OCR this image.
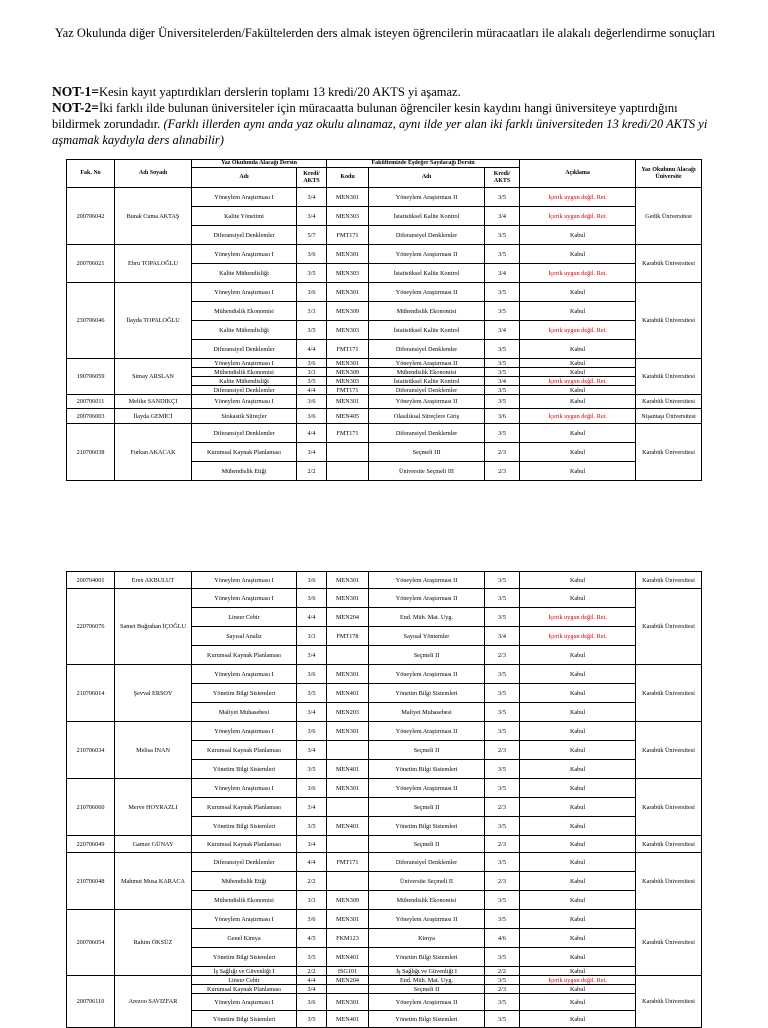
Yaz Okulunda diğer Üniversitelerden/Fakültelerden ders almak isteyen öğrencilerin müracaatları ile alakalı değerlendirme sonuçları
NOT-1=Kesin kayıt yaptırdıkları derslerin toplamı 13 kredi/20 AKTS yi aşamaz.
NOT-2=İki farklı ilde bulunan üniversiteler için müracaatta bulunan öğrenciler kesin kaydını hangi üniversiteye yaptırdığını bildirmek zorundadır. (Farklı illerden aynı anda yaz okulu alınamaz, aynı ilde yer alan iki farklı üniversiteden 13 kredi/20 AKTS yi aşmamak kaydıyla ders alınabilir)
Fak. No	Adı Soyadı	Yaz Okulunda Alacağı Dersin		Fakültemizde Eşdeğer Sayılacağı Dersin			Açıklama	Yaz Okulunu Alacağı Üniversite
		Adı	Kredi/ AKTS	Kodu	Adı	Kredi/ AKTS		
200706042	Burak Cuma AKTAŞ	Yöneylem Araştırması I	3/4	MEN301	Yöneylem Araştırması II	3/5	İçerik uygun değil. Ret.	Gedik Üniversitesi
		Kalite Yönetimi	3/4	MEN303	İstatistiksel Kalite Kontrol	3/4	İçerik uygun değil. Ret.	
		Diferansiyel Denklemler	5/7	FMT171	Diferansiyel Denklemler	3/5	Kabul	
200706021	Ebru TOPALOĞLU	Yöneylem Araştırması I	3/6	MEN301	Yöneylem Araştırması II	3/5	Kabul	Karabük Üniversitesi
		Kalite Mühendisliği	3/5	MEN303	İstatistiksel Kalite Kontrol	3/4	İçerik uygun değil. Ret.	
230706046	İlayda TOPALOĞLU	Yöneylem Araştırması I	3/6	MEN301	Yöneylem Araştırması II	3/5	Kabul	Karabük Üniversitesi
		Mühendislik Ekonomisi	3/3	MEN309	Mühendislik Ekonomisi	3/5	Kabul	
		Kalite Mühendisliği	3/5	MEN303	İstatistiksel Kalite Kontrol	3/4	İçerik uygun değil. Ret.	
		Diferansiyel Denklemler	4/4	FMT171	Diferansiyel Denklemler	3/5	Kabul	
190706059	Simay ARSLAN	Yöneylem Araştırması I	3/6	MEN301	Yöneylem Araştırması II	3/5	Kabul	Karabük Üniversitesi
		Mühendislik Ekonomisi	3/3	MEN309	Mühendislik Ekonomisi	3/5	Kabul	
		Kalite Mühendisliği	3/5	MEN303	İstatistiksel Kalite Kontrol	3/4	İçerik uygun değil. Ret.	
		Diferansiyel Denklemler	4/4	FMT171	Diferansiyel Denklemler	3/5	Kabul	
200706011	Melike SANDIKÇI	Yöneylem Araştırması I	3/6	MEN301	Yöneylem Araştırması II	3/5	Kabul	Karabük Üniversitesi
200706003	İlayda GEMİCİ	Stokastik Süreçler	3/6	MEN405	Olasılıksal Süreçlere Giriş	3/6	İçerik uygun değil. Ret.	Nişantaşı Üniversitesi
210706038	Furkan AKACAK	Diferansiyel Denklemler	4/4	FMT171	Diferansiyel Denklemler	3/5	Kabul	Karabük Üniversitesi
		Kurumsal Kaynak Planlaması	3/4		Seçmeli III	2/3	Kabul	
		Mühendislik Etiği	2/2		Üniversite Seçmeli III	2/3	Kabul	
200704001	Eren AKBULUT	Yöneylem Araştırması I	3/6	MEN301	Yöneylem Araştırması II	3/5	Kabul	Karabük Üniversitesi
220706076	Samet Buğrahan İÇOĞLU	Yöneylem Araştırması I	3/6	MEN301	Yöneylem Araştırması II	3/5	Kabul	Karabük Üniversitesi
		Lineer Cebir	4/4	MEN204	End. Müh. Mat. Uyg.	3/5	İçerik uygun değil. Ret.	
		Sayısal Analiz	3/3	FMT178	Sayısal Yöntemler	3/4	İçerik uygun değil. Ret.	
		Kurumsal Kaynak Planlaması	3/4		Seçmeli II	2/3	Kabul	
210706014	Şevval ERSOY	Yöneylem Araştırması I	3/6	MEN301	Yöneylem Araştırması II	3/5	Kabul	Karabük Üniversitesi
		Yönetim Bilgi Sistemleri	3/5	MEN401	Yönetim Bilgi Sistemleri	3/5	Kabul	
		Maliyet Muhasebesi	3/4	MEN203	Maliyet Muhasebesi	3/5	Kabul	
210706034	Melisa İNAN	Yöneylem Araştırması I	3/6	MEN301	Yöneylem Araştırması II	3/5	Kabul	Karabük Üniversitesi
		Kurumsal Kaynak Planlaması	3/4		Seçmeli II	2/3	Kabul	
		Yönetim Bilgi Sistemleri	3/5	MEN401	Yönetim Bilgi Sistemleri	3/5	Kabul	
210706060	Merve HOYRAZLI	Yöneylem Araştırması I	3/6	MEN301	Yöneylem Araştırması II	3/5	Kabul	Karabük Üniversitesi
		Kurumsal Kaynak Planlaması	3/4		Seçmeli II	2/3	Kabul	
		Yönetim Bilgi Sistemleri	3/5	MEN401	Yönetim Bilgi Sistemleri	3/5	Kabul	
220706049	Gamze GÜNAY	Kurumsal Kaynak Planlaması	3/4		Seçmeli II	2/3	Kabul	Karabük Üniversitesi
210706048	Mahmut Musa KARACA	Diferansiyel Denklemler	4/4	FMT171	Diferansiyel Denklemler	3/5	Kabul	Karabük Üniversitesi
		Mühendislik Etiği	2/2		Üniversite Seçmeli II	2/3	Kabul	
		Mühendislik Ekonomisi	3/3	MEN309	Mühendislik Ekonomisi	3/5	Kabul	
200706054	Rahim ÖKSÜZ	Yöneylem Araştırması I	3/6	MEN301	Yöneylem Araştırması II	3/5	Kabul	Karabük Üniversitesi
		Genel Kimya	4/5	FKM123	Kimya	4/6	Kabul	
		Yönetim Bilgi Sistemleri	3/5	MEN401	Yönetim Bilgi Sistemleri	3/5	Kabul	
		İş Sağlığı ve Güvenliği I	2/2	ISG101	İş Sağlığı ve Güvenliği I	2/2	Kabul	
200706110	Arezoo SAVIZFAR	Lineer Cebir	4/4	MEN204	End. Müh. Mat. Uyg.	3/5	İçerik uygun değil. Ret.	Karabük Üniversitesi
		Kurumsal Kaynak Planlaması	3/4		Seçmeli II	2/3	Kabul	
		Yöneylem Araştırması I	3/6	MEN301	Yöneylem Araştırması II	3/5	Kabul	
		Yönetim Bilgi Sistemleri	3/5	MEN401	Yönetim Bilgi Sistemleri	3/5	Kabul	
